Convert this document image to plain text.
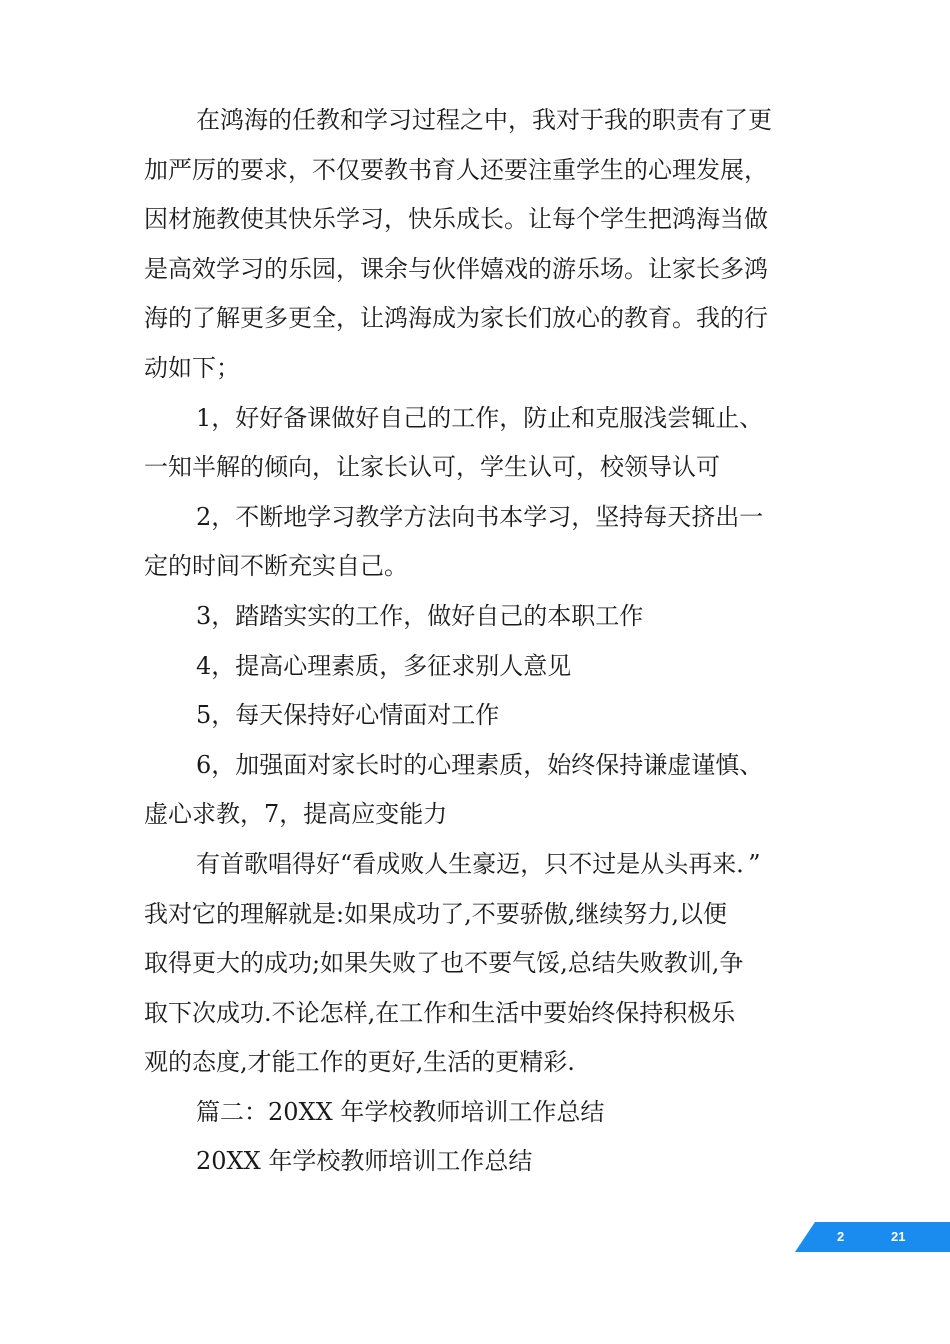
在鸿海的任教和学习过程之中，我对于我的职责有了更
加严厉的要求，不仅要教书育人还要注重学生的心理发展，
因材施教使其快乐学习，快乐成长。让每个学生把鸿海当做
是高效学习的乐园，课余与伙伴嬉戏的游乐场。让家长多鸿
海的了解更多更全，让鸿海成为家长们放心的教育。我的行
动如下；

1，好好备课做好自己的工作，防止和克服浅尝辄止、
一知半解的倾向，让家长认可，学生认可，校领导认可

2，不断地学习教学方法向书本学习，坚持每天挤出一
定的时间不断充实自己。

3，踏踏实实的工作，做好自己的本职工作

4，提高心理素质，多征求别人意见

5，每天保持好心情面对工作

6，加强面对家长时的心理素质，始终保持谦虚谨慎、
虚心求教，7，提高应变能力

有首歌唱得好“看成败人生豪迈，只不过是从头再来．”
我对它的理解就是:如果成功了,不要骄傲,继续努力,以便
取得更大的成功;如果失败了也不要气馁,总结失败教训,争
取下次成功.不论怎样,在工作和生活中要始终保持积极乐
观的态度,才能工作的更好,生活的更精彩.

篇二：20XX 年学校教师培训工作总结

20XX 年学校教师培训工作总结

2	21
